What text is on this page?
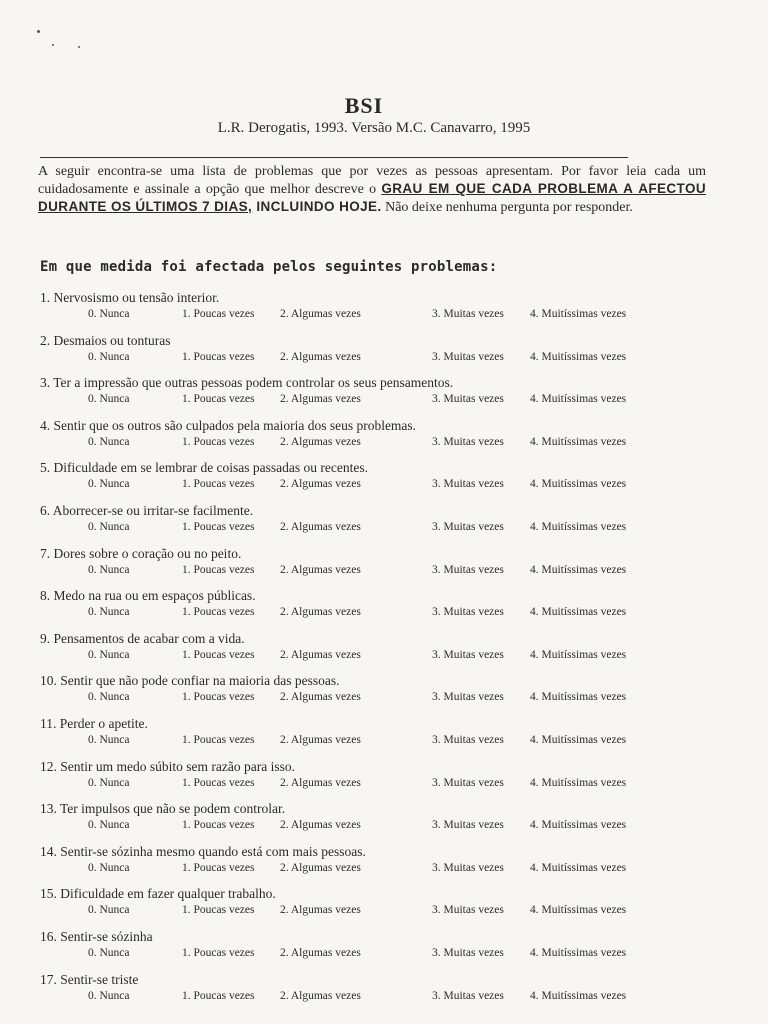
BSI
L.R. Derogatis, 1993. Versão M.C. Canavarro, 1995
A seguir encontra-se uma lista de problemas que por vezes as pessoas apresentam. Por favor leia cada um cuidadosamente e assinale a opção que melhor descreve o GRAU EM QUE CADA PROBLEMA A AFECTOU DURANTE OS ÚLTIMOS 7 DIAS, INCLUINDO HOJE. Não deixe nenhuma pergunta por responder.
Em que medida foi afectada pelos seguintes problemas:
1. Nervosismo ou tensão interior.
0. Nunca	1. Poucas vezes 2. Algumas vezes	3. Muitas vezes 4. Muitíssimas vezes
2. Desmaios ou tonturas
0. Nunca	1. Poucas vezes 2. Algumas vezes	3. Muitas vezes 4. Muitíssimas vezes
3. Ter a impressão que outras pessoas podem controlar os seus pensamentos.
0. Nunca	1. Poucas vezes 2. Algumas vezes	3. Muitas vezes 4. Muitíssimas vezes
4. Sentir que os outros são culpados pela maioria dos seus problemas.
0. Nunca	1. Poucas vezes 2. Algumas vezes	3. Muitas vezes 4. Muitíssimas vezes
5. Dificuldade em se lembrar de coisas passadas ou recentes.
0. Nunca	1. Poucas vezes 2. Algumas vezes	3. Muitas vezes 4. Muitíssimas vezes
6. Aborrecer-se ou irritar-se facilmente.
0. Nunca	1. Poucas vezes 2. Algumas vezes	3. Muitas vezes 4. Muitíssimas vezes
7. Dores sobre o coração ou no peito.
0. Nunca	1. Poucas vezes 2. Algumas vezes	3. Muitas vezes 4. Muitíssimas vezes
8. Medo na rua ou em espaços públicas.
0. Nunca	1. Poucas vezes 2. Algumas vezes	3. Muitas vezes 4. Muitíssimas vezes
9. Pensamentos de acabar com a vida.
0. Nunca	1. Poucas vezes 2. Algumas vezes	3. Muitas vezes 4. Muitíssimas vezes
10. Sentir que não pode confiar na maioria das pessoas.
0. Nunca	1. Poucas vezes 2. Algumas vezes	3. Muitas vezes 4. Muitíssimas vezes
11. Perder o apetite.
0. Nunca	1. Poucas vezes 2. Algumas vezes	3. Muitas vezes 4. Muitíssimas vezes
12. Sentir um medo súbito sem razão para isso.
0. Nunca	1. Poucas vezes 2. Algumas vezes	3. Muitas vezes 4. Muitíssimas vezes
13. Ter impulsos que não se podem controlar.
0. Nunca	1. Poucas vezes 2. Algumas vezes	3. Muitas vezes 4. Muitíssimas vezes
14. Sentir-se sózinha mesmo quando está com mais pessoas.
0. Nunca	1. Poucas vezes 2. Algumas vezes	3. Muitas vezes 4. Muitíssimas vezes
15. Dificuldade em fazer qualquer trabalho.
0. Nunca	1. Poucas vezes 2. Algumas vezes	3. Muitas vezes 4. Muitíssimas vezes
16. Sentir-se sózinha
0. Nunca	1. Poucas vezes 2. Algumas vezes	3. Muitas vezes 4. Muitíssimas vezes
17. Sentir-se triste
0. Nunca	1. Poucas vezes 2. Algumas vezes	3. Muitas vezes 4. Muitíssimas vezes
